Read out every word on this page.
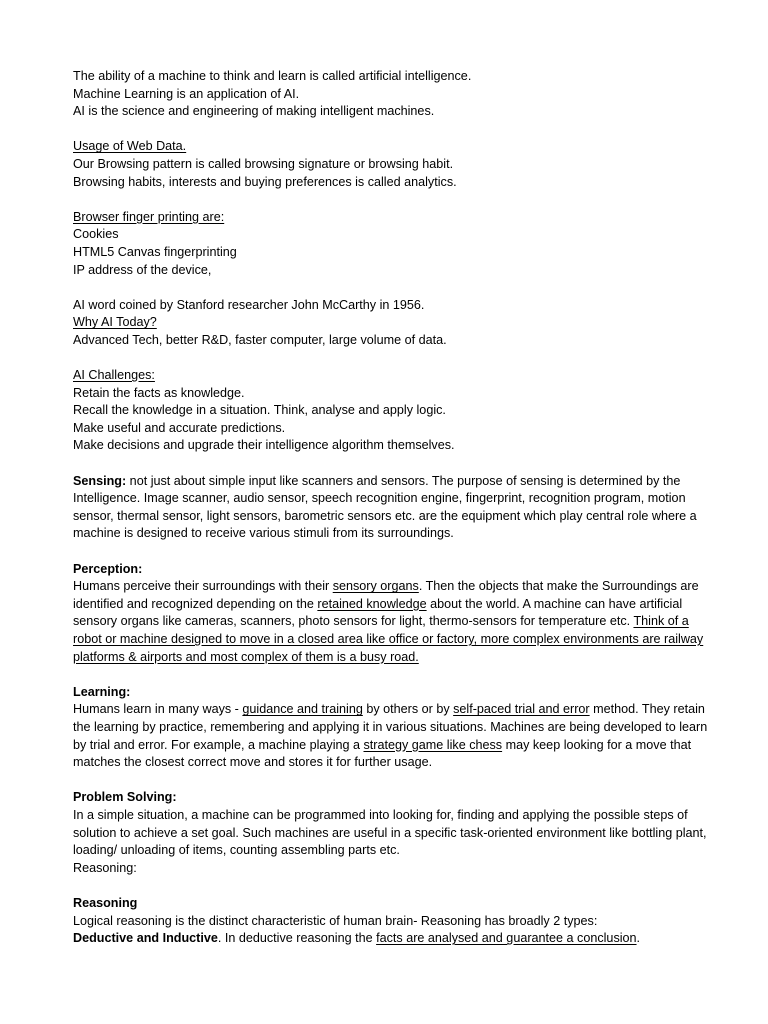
The ability of a machine to think and learn is called artificial intelligence.
Machine Learning is an application of AI.
AI is the science and engineering of making intelligent machines.
Usage of Web Data.
Our Browsing pattern is called browsing signature or browsing habit.
Browsing habits, interests and buying preferences is called analytics.
Browser finger printing are:
Cookies
HTML5 Canvas fingerprinting
IP address of the device,
AI word coined by Stanford researcher John McCarthy in 1956.
Why AI Today?
Advanced Tech, better R&D, faster computer, large volume of data.
AI Challenges:
Retain the facts as knowledge.
Recall the knowledge in a situation. Think, analyse and apply logic.
Make useful and accurate predictions.
Make decisions and upgrade their intelligence algorithm themselves.
Sensing: not just about simple input like scanners and sensors. The purpose of sensing is determined by the Intelligence. Image scanner, audio sensor, speech recognition engine, fingerprint, recognition program, motion sensor, thermal sensor, light sensors, barometric sensors etc. are the equipment which play central role where a machine is designed to receive various stimuli from its surroundings.
Perception:
Humans perceive their surroundings with their sensory organs. Then the objects that make the Surroundings are identified and recognized depending on the retained knowledge about the world. A machine can have artificial sensory organs like cameras, scanners, photo sensors for light, thermo-sensors for temperature etc. Think of a robot or machine designed to move in a closed area like office or factory, more complex environments are railway platforms & airports and most complex of them is a busy road.
Learning:
Humans learn in many ways - guidance and training by others or by self-paced trial and error method. They retain the learning by practice, remembering and applying it in various situations. Machines are being developed to learn by trial and error. For example, a machine playing a strategy game like chess may keep looking for a move that matches the closest correct move and stores it for further usage.
Problem Solving:
In a simple situation, a machine can be programmed into looking for, finding and applying the possible steps of solution to achieve a set goal. Such machines are useful in a specific task-oriented environment like bottling plant, loading/ unloading of items, counting assembling parts etc.
Reasoning:
Reasoning
Logical reasoning is the distinct characteristic of human brain- Reasoning has broadly 2 types:
Deductive and Inductive. In deductive reasoning the facts are analysed and guarantee a conclusion.
